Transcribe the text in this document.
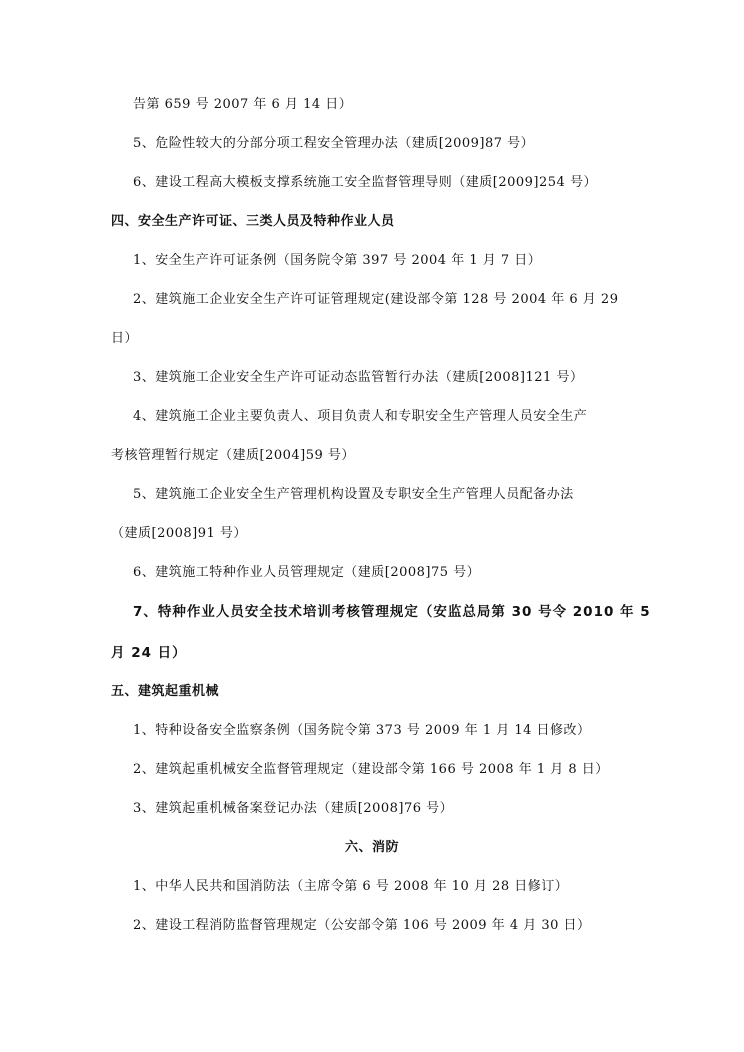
告第 659 号 2007 年 6 月 14 日）
5、危险性较大的分部分项工程安全管理办法（建质[2009]87 号）
6、建设工程高大模板支撑系统施工安全监督管理导则（建质[2009]254 号）
四、安全生产许可证、三类人员及特种作业人员
1、安全生产许可证条例（国务院令第 397 号 2004 年 1 月 7 日）
2、建筑施工企业安全生产许可证管理规定(建设部令第 128 号 2004 年 6 月 29
日）
3、建筑施工企业安全生产许可证动态监管暂行办法（建质[2008]121 号）
4、建筑施工企业主要负责人、项目负责人和专职安全生产管理人员安全生产
考核管理暂行规定（建质[2004]59 号）
5、建筑施工企业安全生产管理机构设置及专职安全生产管理人员配备办法
（建质[2008]91 号）
6、建筑施工特种作业人员管理规定（建质[2008]75 号）
7、特种作业人员安全技术培训考核管理规定（安监总局第 30 号令 2010 年 5
月 24 日）
五、建筑起重机械
1、特种设备安全监察条例（国务院令第 373 号 2009 年 1 月 14 日修改）
2、建筑起重机械安全监督管理规定（建设部令第 166 号 2008 年 1 月 8 日）
3、建筑起重机械备案登记办法（建质[2008]76 号）
六、消防
1、中华人民共和国消防法（主席令第 6 号 2008 年 10 月 28 日修订）
2、建设工程消防监督管理规定（公安部令第 106 号 2009 年 4 月 30 日）
